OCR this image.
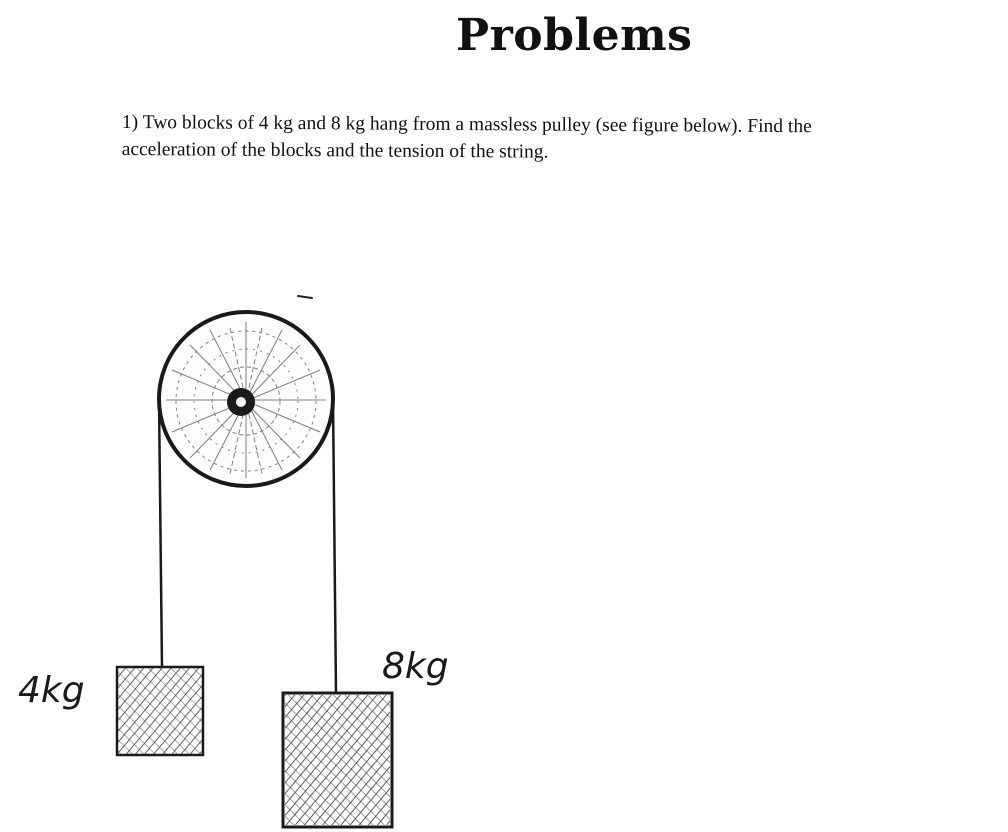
Problems

1) Two blocks of 4 kg and 8 kg hang from a massless pulley (see figure below). Find the
acceleration of the blocks and the tension of the string.

4kg
8kg
